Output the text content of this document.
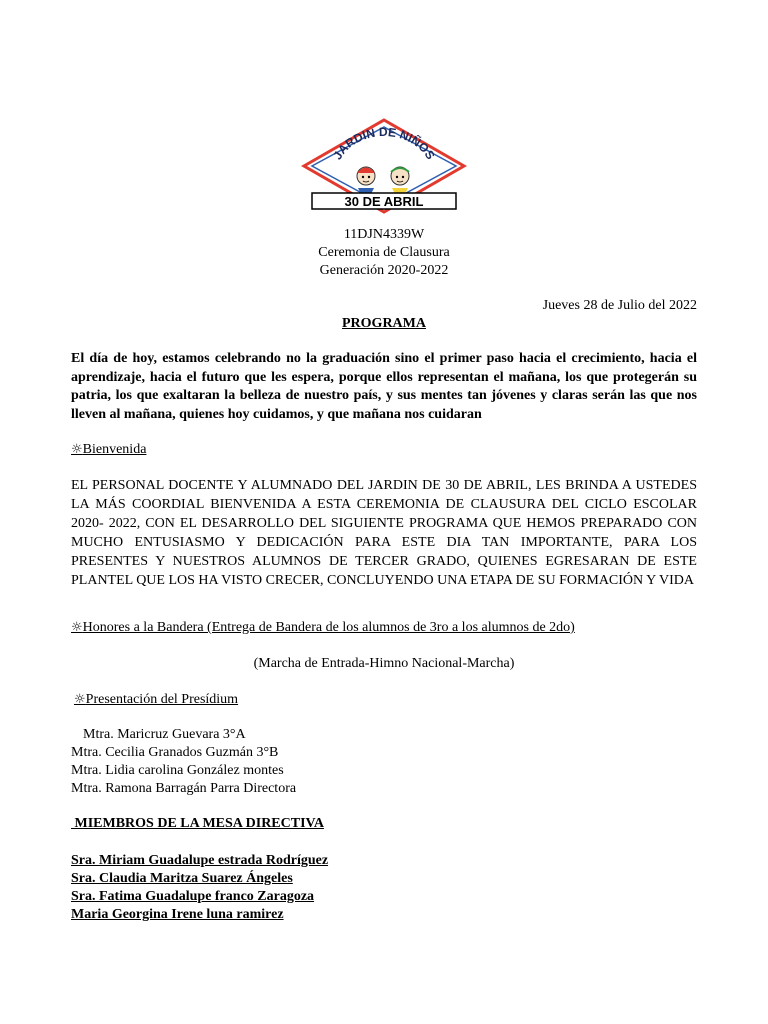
JARDIN DE NIÑOS
30 DE ABRIL
11DJN4339W
Ceremonia de Clausura
Generación 2020-2022
Jueves 28 de Julio del 2022
PROGRAMA
El día de hoy, estamos celebrando no la graduación sino el primer paso hacia el crecimiento, hacia el aprendizaje, hacia el futuro que les espera, porque ellos representan el mañana, los que protegerán su patria, los que exaltaran la belleza de nuestro país, y sus mentes tan jóvenes y claras serán las que nos lleven al mañana, quienes hoy cuidamos, y que mañana nos cuidaran
☼Bienvenida
EL PERSONAL DOCENTE Y ALUMNADO DEL JARDIN DE 30 DE ABRIL, LES BRINDA A USTEDES LA MÁS COORDIAL BIENVENIDA A ESTA CEREMONIA DE CLAUSURA DEL CICLO ESCOLAR 2020- 2022, CON EL DESARROLLO DEL SIGUIENTE PROGRAMA QUE HEMOS PREPARADO CON MUCHO ENTUSIASMO Y DEDICACIÓN PARA ESTE DIA TAN IMPORTANTE, PARA LOS PRESENTES Y NUESTROS ALUMNOS DE TERCER GRADO, QUIENES EGRESARAN DE ESTE PLANTEL QUE LOS HA VISTO CRECER, CONCLUYENDO UNA ETAPA DE SU FORMACIÓN Y VIDA
☼Honores a la Bandera (Entrega de Bandera de los alumnos de 3ro a los alumnos de 2do)
(Marcha de Entrada-Himno Nacional-Marcha)
☼Presentación del Presídium
Mtra. Maricruz Guevara 3°A
Mtra. Cecilia Granados Guzmán 3°B
Mtra. Lidia carolina González montes
Mtra. Ramona Barragán Parra Directora
MIEMBROS DE LA MESA DIRECTIVA
Sra. Miriam Guadalupe estrada Rodríguez
Sra. Claudia Maritza Suarez Ángeles
Sra. Fatima Guadalupe franco Zaragoza
Maria Georgina Irene luna ramirez
